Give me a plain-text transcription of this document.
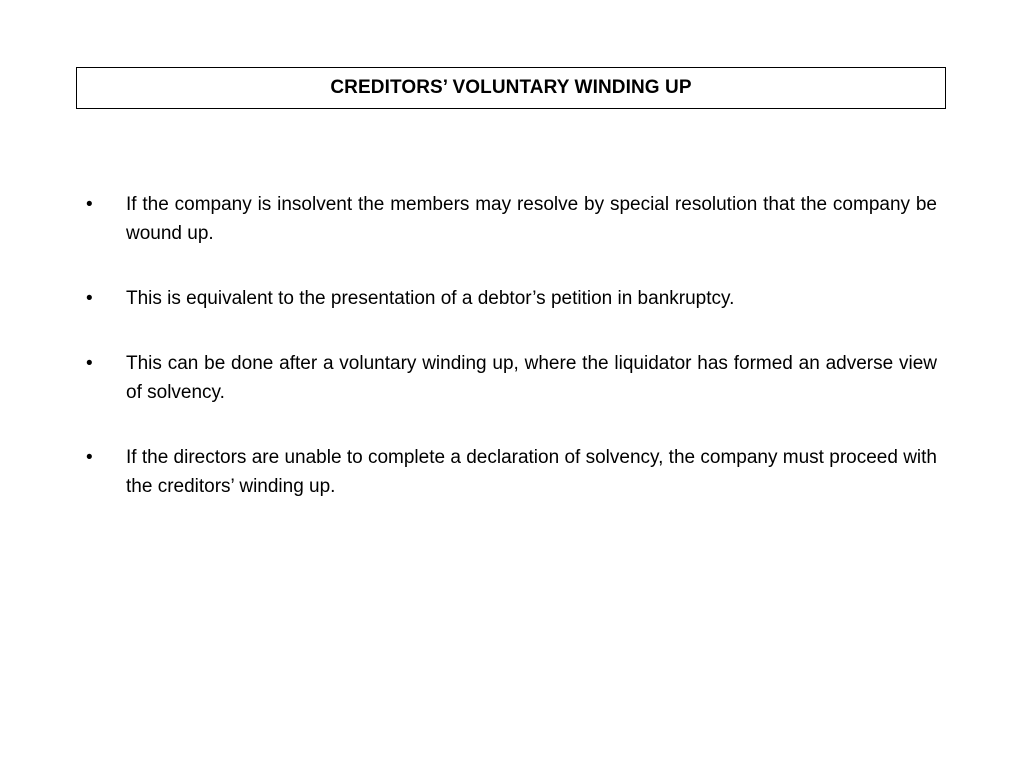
CREDITORS’ VOLUNTARY WINDING UP
•	If the company is insolvent the members may resolve by special resolution that the company be wound up.
•	This is equivalent to the presentation of a debtor’s petition in bankruptcy.
•	This can be done after a voluntary winding up, where the liquidator has formed an adverse view of solvency.
•	If the directors are unable to complete a declaration of solvency, the company must proceed with the creditors’ winding up.
